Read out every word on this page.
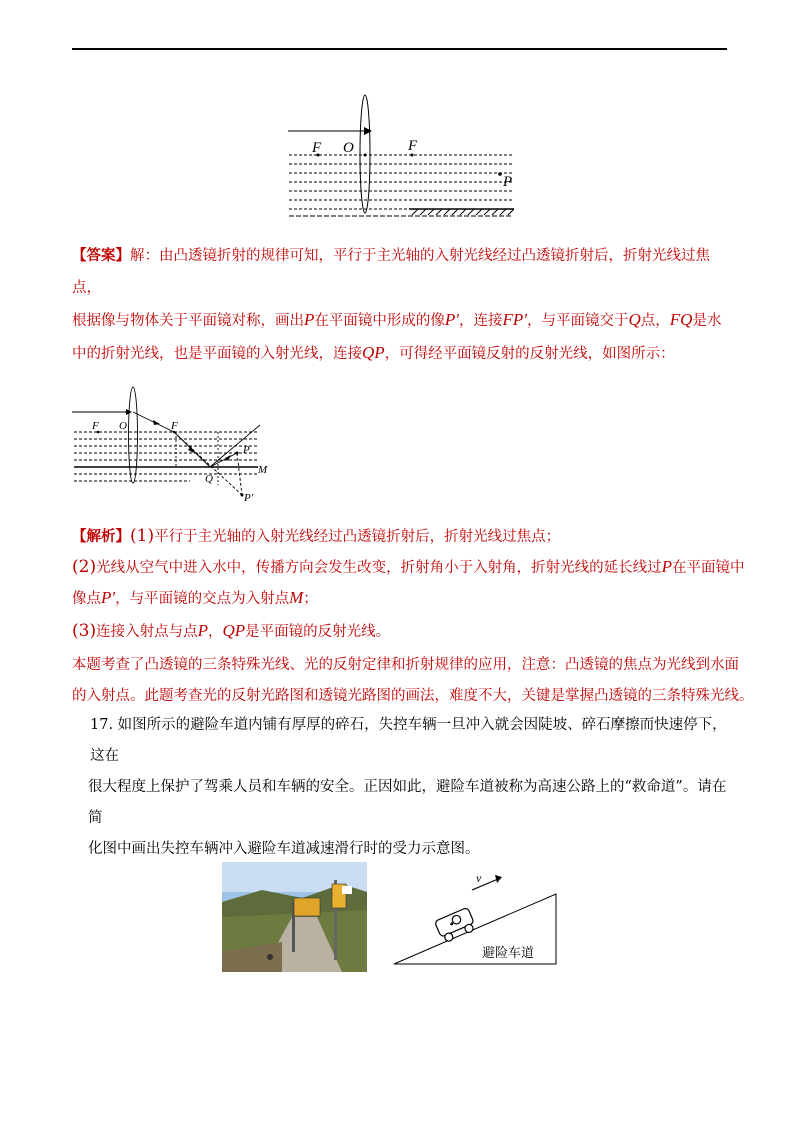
F O	F
P
【答案】解：由凸透镜折射的规律可知，平行于主光轴的入射光线经过凸透镜折射后，折射光线过焦点，
根据像与物体关于平面镜对称，画出P在平面镜中形成的像P′，连接FP′，与平面镜交于Q点，FQ是水
中的折射光线，也是平面镜的入射光线，连接QP，可得经平面镜反射的反射光线，如图所示：
F O	F
P
M
Q
P'
【解析】(1)平行于主光轴的入射光线经过凸透镜折射后，折射光线过焦点；
(2)光线从空气中进入水中，传播方向会发生改变，折射角小于入射角，折射光线的延长线过P在平面镜中
像点P′，与平面镜的交点为入射点M；
(3)连接入射点与点P，QP是平面镜的反射光线。
本题考查了凸透镜的三条特殊光线、光的反射定律和折射规律的应用，注意：凸透镜的焦点为光线到水面
的入射点。此题考查光的反射光路图和透镜光路图的画法，难度不大，关键是掌握凸透镜的三条特殊光线。
17. 如图所示的避险车道内铺有厚厚的碎石，失控车辆一旦冲入就会因陡坡、碎石摩擦而快速停下，这在
很大程度上保护了驾乘人员和车辆的安全。正因如此，避险车道被称为高速公路上的“救命道”。请在简
化图中画出失控车辆冲入避险车道减速滑行时的受力示意图。
v
避险车道
